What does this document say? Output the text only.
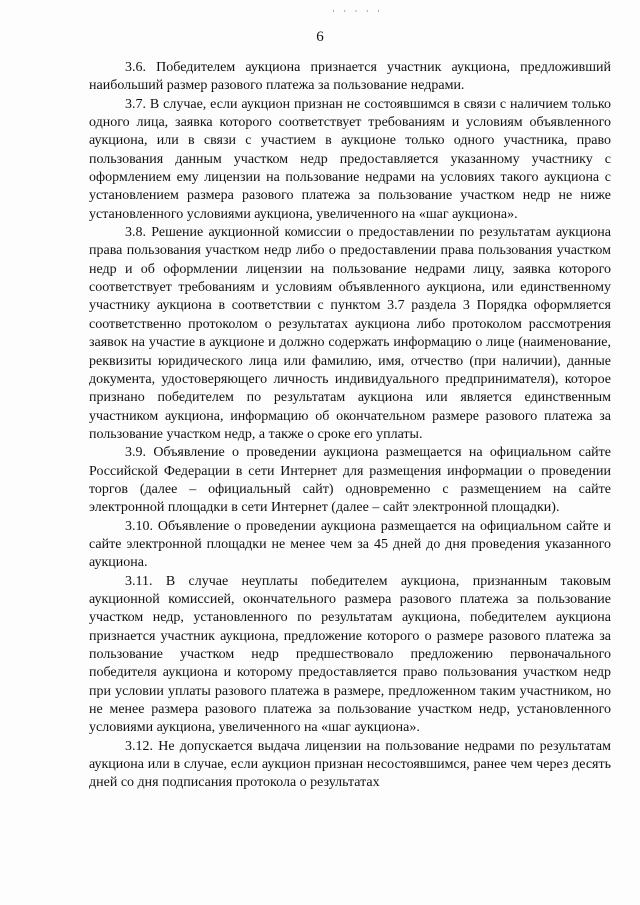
· · · · ·
6

3.6. Победителем аукциона признается участник аукциона, предложивший наибольший размер разового платежа за пользование недрами.

3.7. В случае, если аукцион признан не состоявшимся в связи с наличием только одного лица, заявка которого соответствует требованиям и условиям объявленного аукциона, или в связи с участием в аукционе только одного участника, право пользования данным участком недр предоставляется указанному участнику с оформлением ему лицензии на пользование недрами на условиях такого аукциона с установлением размера разового платежа за пользование участком недр не ниже установленного условиями аукциона, увеличенного на «шаг аукциона».

3.8. Решение аукционной комиссии о предоставлении по результатам аукциона права пользования участком недр либо о предоставлении права пользования участком недр и об оформлении лицензии на пользование недрами лицу, заявка которого соответствует требованиям и условиям объявленного аукциона, или единственному участнику аукциона в соответствии с пунктом 3.7 раздела 3 Порядка оформляется соответственно протоколом о результатах аукциона либо протоколом рассмотрения заявок на участие в аукционе и должно содержать информацию о лице (наименование, реквизиты юридического лица или фамилию, имя, отчество (при наличии), данные документа, удостоверяющего личность индивидуального предпринимателя), которое признано победителем по результатам аукциона или является единственным участником аукциона, информацию об окончательном размере разового платежа за пользование участком недр, а также о сроке его уплаты.

3.9. Объявление о проведении аукциона размещается на официальном сайте Российской Федерации в сети Интернет для размещения информации о проведении торгов (далее – официальный сайт) одновременно с размещением на сайте электронной площадки в сети Интернет (далее – сайт электронной площадки).

3.10. Объявление о проведении аукциона размещается на официальном сайте и сайте электронной площадки не менее чем за 45 дней до дня проведения указанного аукциона.

3.11. В случае неуплаты победителем аукциона, признанным таковым аукционной комиссией, окончательного размера разового платежа за пользование участком недр, установленного по результатам аукциона, победителем аукциона признается участник аукциона, предложение которого о размере разового платежа за пользование участком недр предшествовало предложению первоначального победителя аукциона и которому предоставляется право пользования участком недр при условии уплаты разового платежа в размере, предложенном таким участником, но не менее размера разового платежа за пользование участком недр, установленного условиями аукциона, увеличенного на «шаг аукциона».

3.12. Не допускается выдача лицензии на пользование недрами по результатам аукциона или в случае, если аукцион признан несостоявшимся, ранее чем через десять дней со дня подписания протокола о результатах
